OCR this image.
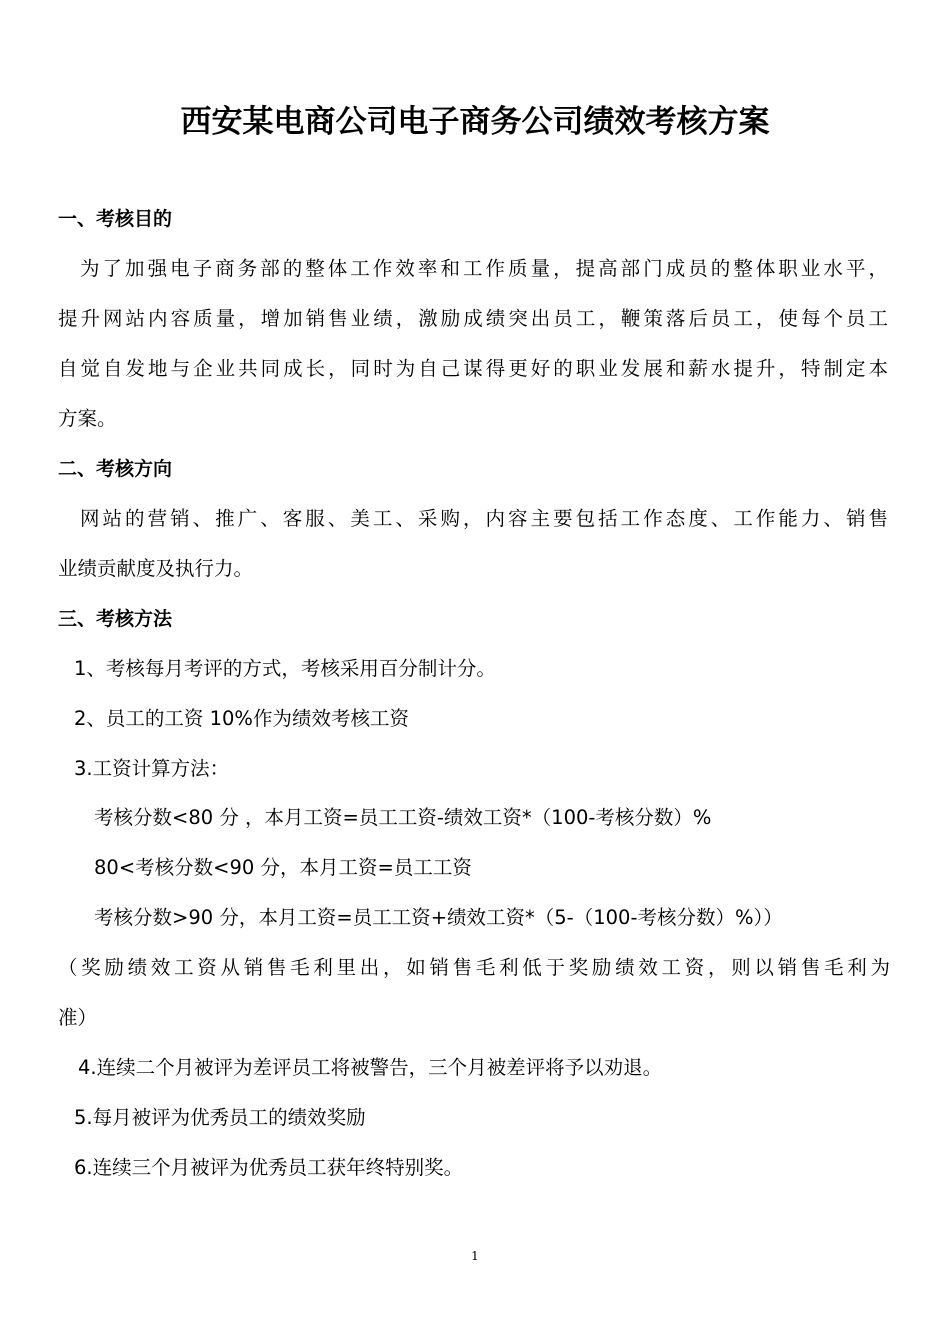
西安某电商公司电子商务公司绩效考核方案
一、考核目的
为了加强电子商务部的整体工作效率和工作质量，提高部门成员的整体职业水平，
提升网站内容质量，增加销售业绩，激励成绩突出员工，鞭策落后员工，使每个员工
自觉自发地与企业共同成长，同时为自己谋得更好的职业发展和薪水提升，特制定本
方案。
二、考核方向
网站的营销、推广、客服、美工、采购，内容主要包括工作态度、工作能力、销售
业绩贡献度及执行力。
三、考核方法
1、考核每月考评的方式，考核采用百分制计分。
2、员工的工资 10%作为绩效考核工资
3.工资计算方法：
考核分数<80 分 ，本月工资=员工工资-绩效工资*（100-考核分数）%
80<考核分数<90 分，本月工资=员工工资
考核分数>90 分，本月工资=员工工资+绩效工资*（5-（100-考核分数）%））
（奖励绩效工资从销售毛利里出，如销售毛利低于奖励绩效工资，则以销售毛利为
准）
4.连续二个月被评为差评员工将被警告，三个月被差评将予以劝退。
5.每月被评为优秀员工的绩效奖励
6.连续三个月被评为优秀员工获年终特别奖。
1
